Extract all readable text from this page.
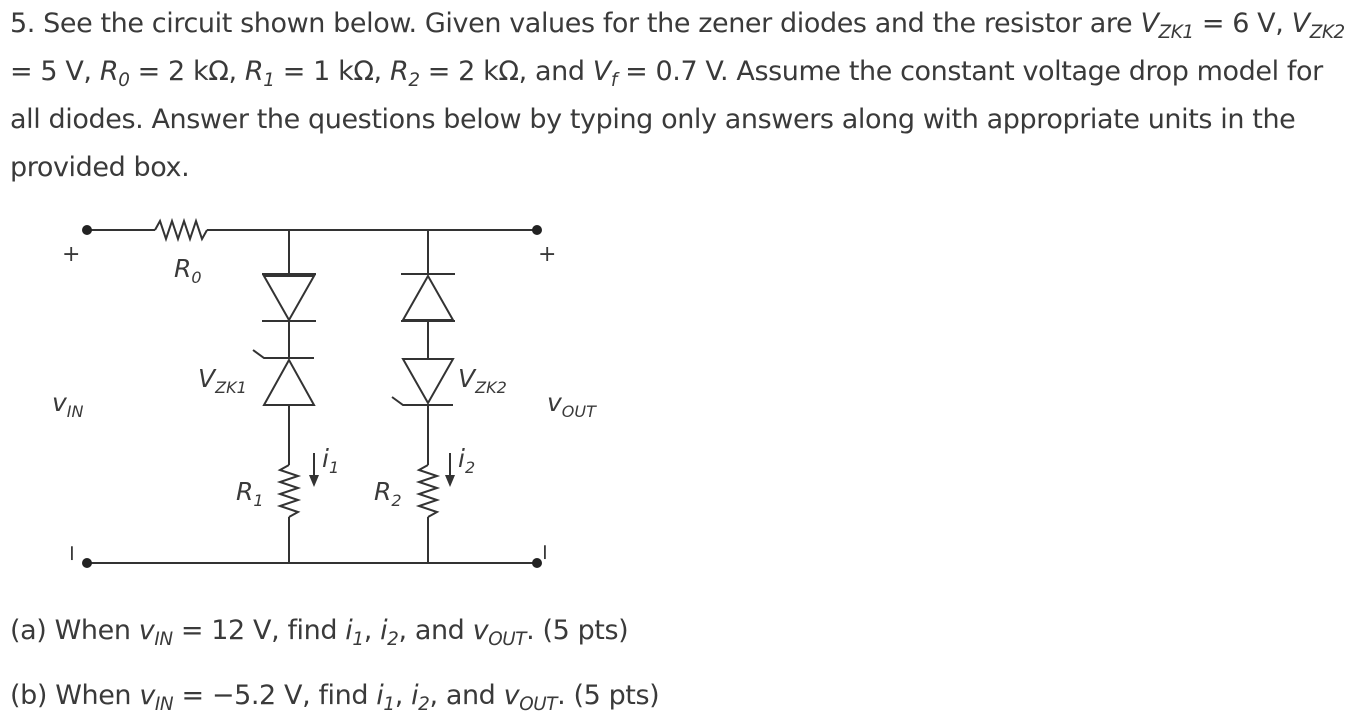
5. See the circuit shown below. Given values for the zener diodes and the resistor are $V_{ZK1} = 6$ V, $V_{ZK2} = 5$ V, $R_0 = 2$ kΩ, $R_1 = 1$ kΩ, $R_2 = 2$ kΩ, and $V_f = 0.7$ V. Assume the constant voltage drop model for all diodes. Answer the questions below by typing only answers along with appropriate units in the provided box.
+
−
+
−
$R_0$
$V_{ZK1}$	$V_{ZK2}$
$v_{IN}$	$v_{OUT}$
$i_1$	$i_2$
$R_1$	$R_2$
(a) When $v_{IN} = 12$ V, find $i_1$, $i_2$, and $v_{OUT}$. (5 pts)
(b) When $v_{IN} = -5.2$ V, find $i_1$, $i_2$, and $v_{OUT}$. (5 pts)
